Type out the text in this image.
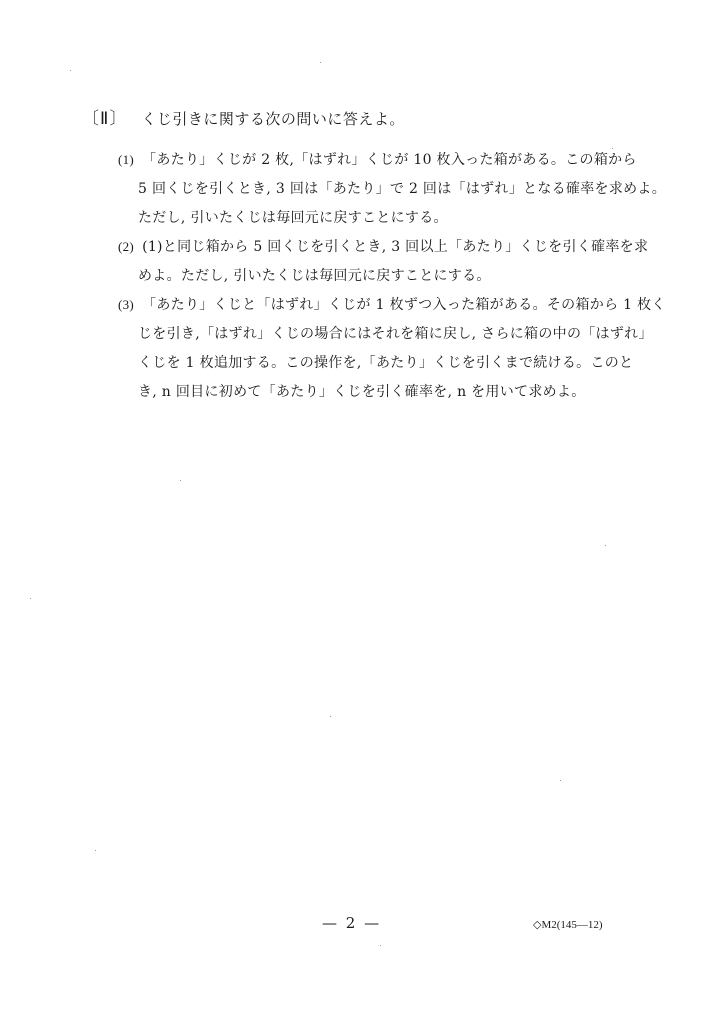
〔Ⅱ〕 くじ引きに関する次の問いに答えよ。
(1) 「あたり」くじが 2 枚,「はずれ」くじが 10 枚入った箱がある。この箱から
5 回くじを引くとき, 3 回は「あたり」で 2 回は「はずれ」となる確率を求めよ。
ただし, 引いたくじは毎回元に戻すことにする。
(2) (1)と同じ箱から 5 回くじを引くとき, 3 回以上「あたり」くじを引く確率を求
めよ。ただし, 引いたくじは毎回元に戻すことにする。
(3) 「あたり」くじと「はずれ」くじが 1 枚ずつ入った箱がある。その箱から 1 枚く
じを引き,「はずれ」くじの場合にはそれを箱に戻し, さらに箱の中の「はずれ」
くじを 1 枚追加する。この操作を,「あたり」くじを引くまで続ける。このと
き, n 回目に初めて「あたり」くじを引く確率を, n を用いて求めよ。
— 2 —	◇M2(145—12)
